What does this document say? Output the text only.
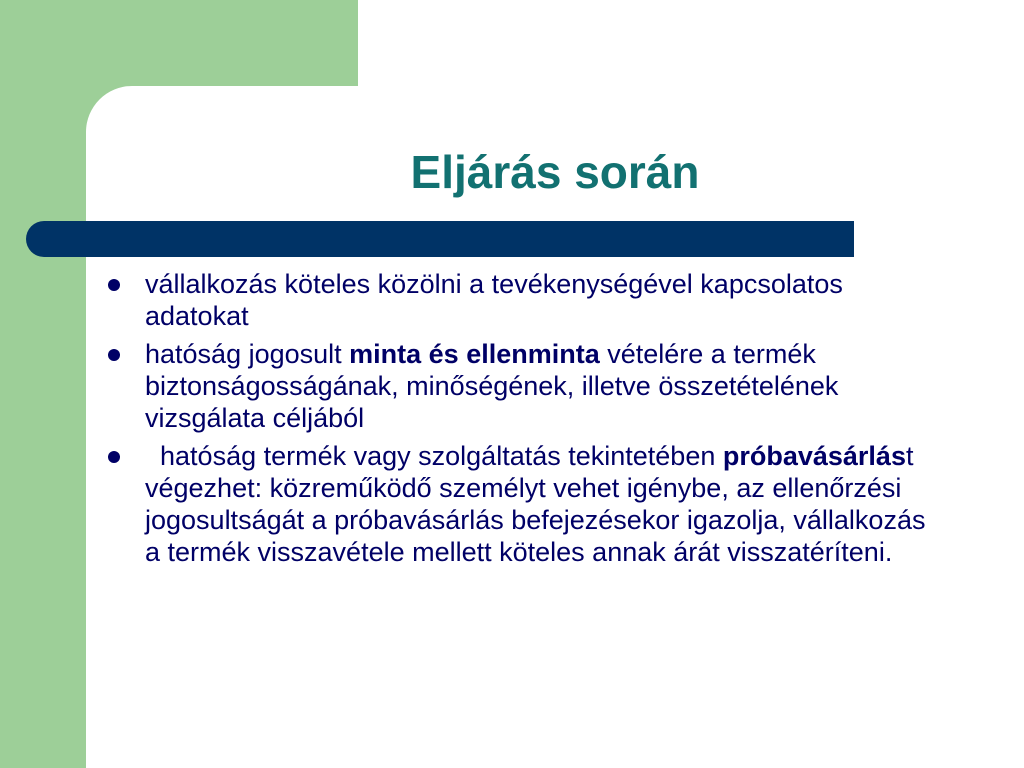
Eljárás során
vállalkozás köteles közölni a tevékenységével kapcsolatos adatokat
hatóság jogosult minta és ellenminta vételére a termék biztonságosságának, minőségének, illetve összetételének vizsgálata céljából
hatóság termék vagy szolgáltatás tekintetében próbavásárlást végezhet: közreműködő személyt vehet igénybe, az ellenőrzési jogosultságát a próbavásárlás befejezésekor igazolja, vállalkozás a termék visszavétele mellett köteles annak árát visszatéríteni.
